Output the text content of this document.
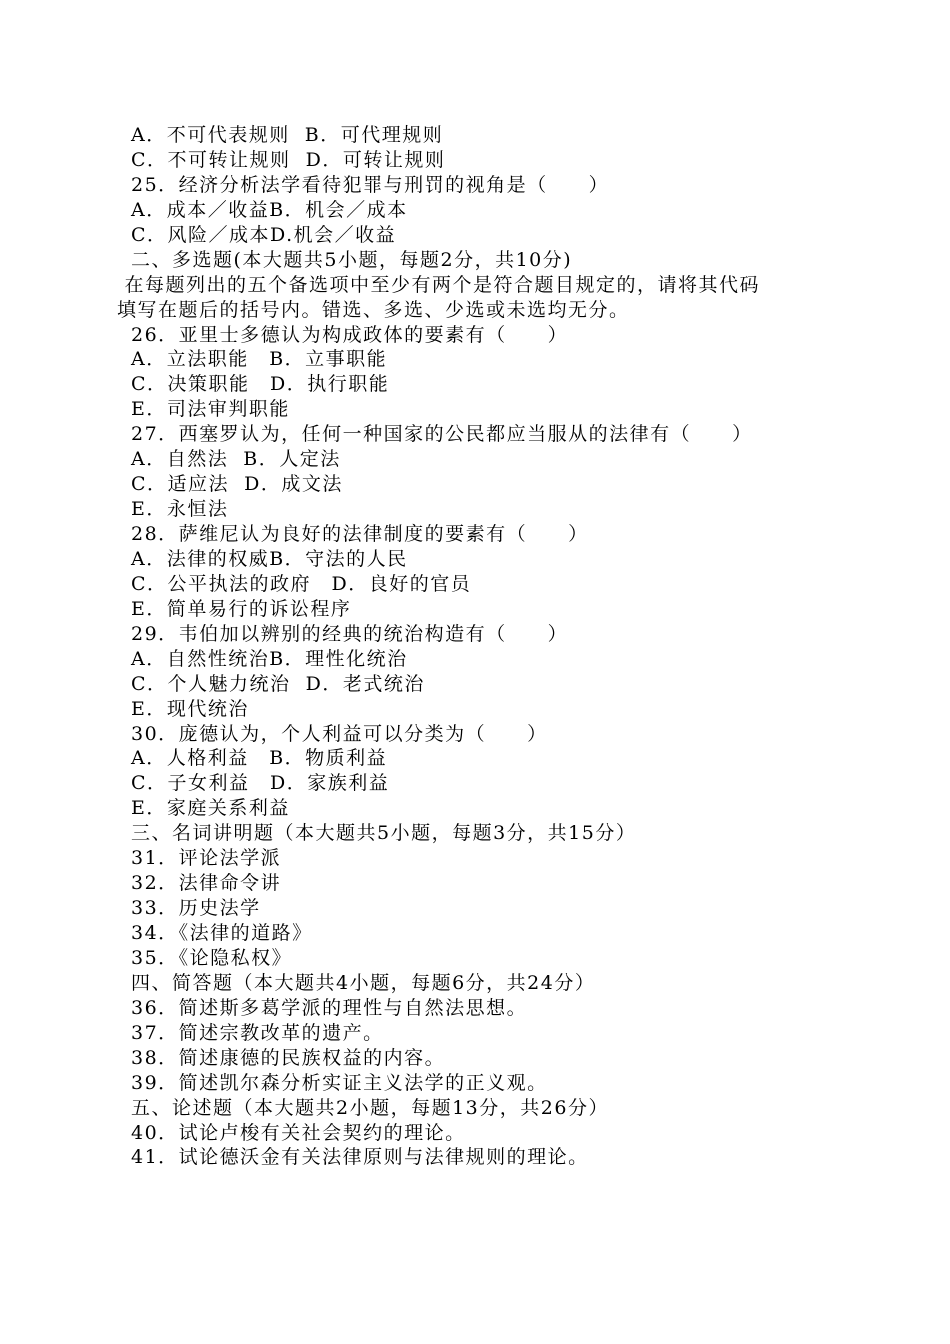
A．不可代表规则  B．可代理规则
C．不可转让规则  D．可转让规则
25．经济分析法学看待犯罪与刑罚的视角是（　　）
A．成本／收益B．机会／成本
C．风险／成本D.机会／收益
二、多选题(本大题共5小题，每题2分，共10分)
在每题列出的五个备选项中至少有两个是符合题目规定的，请将其代码
填写在题后的括号内。错选、多选、少选或未选均无分。
26．亚里士多德认为构成政体的要素有（　　）
A．立法职能　B．立事职能
C．决策职能　D．执行职能
E．司法审判职能
27．西塞罗认为，任何一种国家的公民都应当服从的法律有（　　）
A．自然法  B．人定法
C．适应法  D．成文法
E．永恒法
28．萨维尼认为良好的法律制度的要素有（　　）
A．法律的权威B．守法的人民
C．公平执法的政府　D．良好的官员
E．简单易行的诉讼程序
29．韦伯加以辨别的经典的统治构造有（　　）
A．自然性统治B．理性化统治
C．个人魅力统治  D．老式统治
E．现代统治
30．庞德认为，个人利益可以分类为（　　）
A．人格利益　B．物质利益
C．子女利益　D．家族利益
E．家庭关系利益
三、名词讲明题（本大题共5小题，每题3分，共15分）
31．评论法学派
32．法律命令讲
33．历史法学
34．《法律的道路》
35．《论隐私权》
四、简答题（本大题共4小题，每题6分，共24分）
36．简述斯多葛学派的理性与自然法思想。
37．简述宗教改革的遗产。
38．简述康德的民族权益的内容。
39．简述凯尔森分析实证主义法学的正义观。
五、论述题（本大题共2小题，每题13分，共26分）
40．试论卢梭有关社会契约的理论。
41．试论德沃金有关法律原则与法律规则的理论。
